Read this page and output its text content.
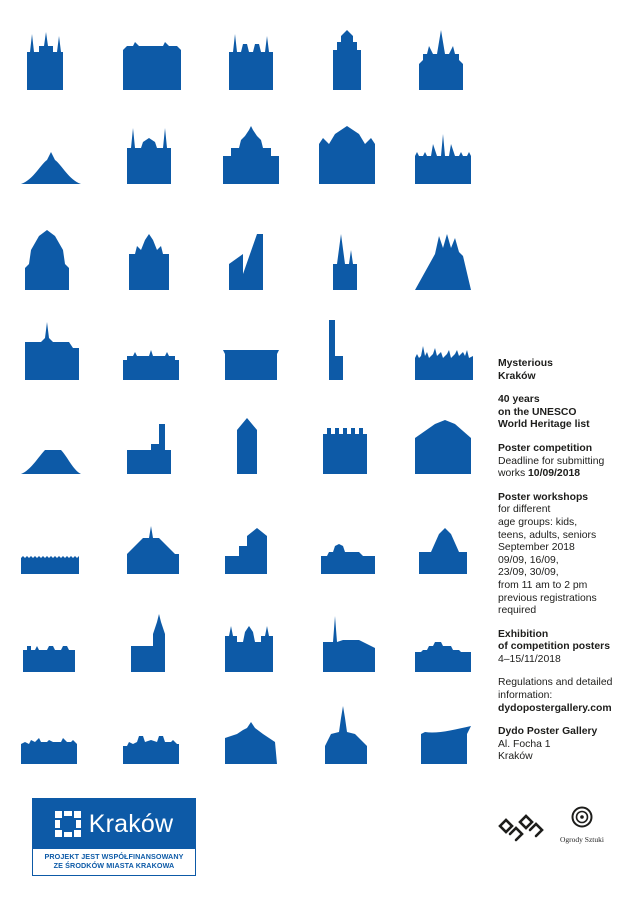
Mysterious

Kraków

40 years

on the UNESCO

World Heritage list

Poster competition

Deadline for submitting

works 10/09/2018

Poster workshops

for different

age groups: kids,

teens, adults, seniors

September 2018

09/09, 16/09,

23/09, 30/09,

from 11 am to 2 pm

previous registrations

required

Exhibition

of competition posters

4–15/11/2018

Regulations and detailed

information:

dydopostergallery.com

Dydo Poster Gallery

Al. Focha 1

Kraków

Kraków
PROJEKT JEST WSPÓŁFINANSOWANY
ZE ŚRODKÓW MIASTA KRAKOWA
Ogrody Sztuki
